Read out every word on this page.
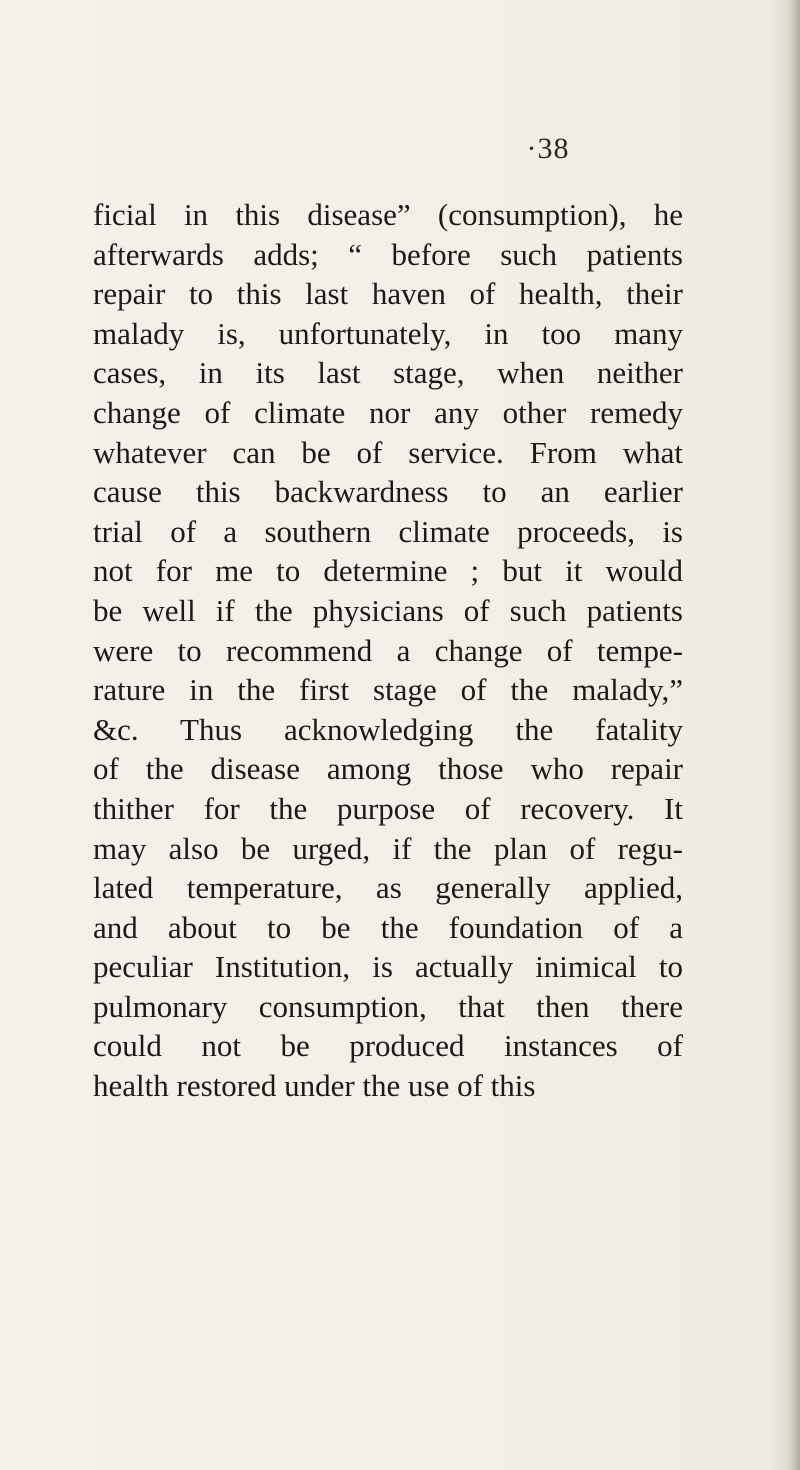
·38
ficial in this disease” (consumption), he
afterwards adds; “ before such patients
repair to this last haven of health, their
malady is, unfortunately, in too many
cases, in its last stage, when neither
change of climate nor any other remedy
whatever can be of service. From what
cause this backwardness to an earlier
trial of a southern climate proceeds, is
not for me to determine ; but it would
be well if the physicians of such patients
were to recommend a change of tempe-
rature in the first stage of the malady,”
&c. Thus acknowledging the fatality
of the disease among those who repair
thither for the purpose of recovery. It
may also be urged, if the plan of regu-
lated temperature, as generally applied,
and about to be the foundation of a
peculiar Institution, is actually inimical to
pulmonary consumption, that then there
could not be produced instances of
health restored under the use of this
